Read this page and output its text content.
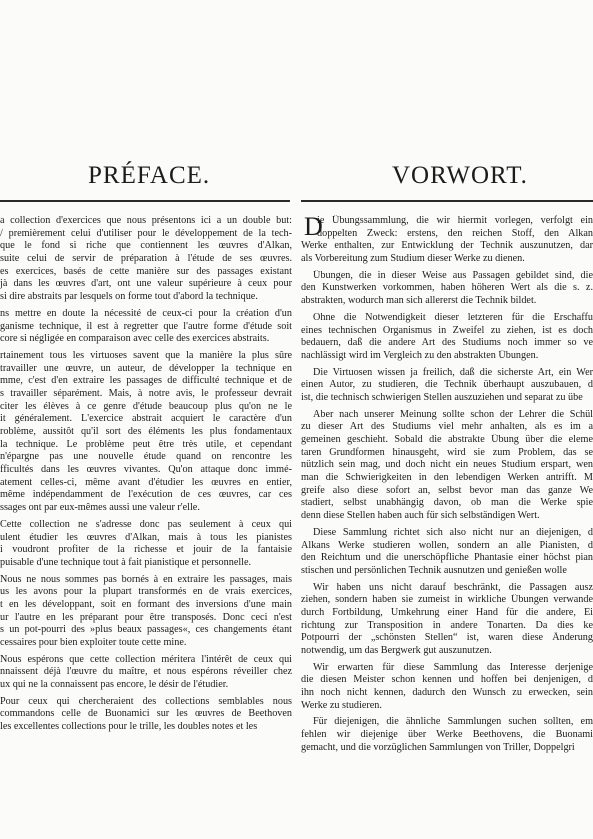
PRÉFACE.	VORWORT.
a collection d'exercices que nous présentons ici a un double but:
/ premièrement celui d'utiliser pour le développement de la tech-
que le fond si riche que contiennent les œuvres d'Alkan,
suite celui de servir de préparation à l'étude de ses œuvres.
es exercices, basés de cette manière sur des passages existant
jà dans les œuvres d'art, ont une valeur supérieure à ceux pour
si dire abstraits par lesquels on forme tout d'abord la technique.
ns mettre en doute la nécessité de ceux-ci pour la création d'un
ganisme technique, il est à regretter que l'autre forme d'étude soit
core si négligée en comparaison avec celle des exercices abstraits.
rtainement tous les virtuoses savent que la manière la plus sûre
travailler une œuvre, un auteur, de développer la technique en
mme, c'est d'en extraire les passages de difficulté technique et de
s travailler séparément. Mais, à notre avis, le professeur devrait
citer les élèves à ce genre d'étude beaucoup plus qu'on ne le
it généralement. L'exercice abstrait acquiert le caractère d'un
roblème, aussitôt qu'il sort des éléments les plus fondamentaux
la technique. Le problème peut être très utile, et cependant
n'épargne pas une nouvelle étude quand on rencontre les
fficultés dans les œuvres vivantes. Qu'on attaque donc immé-
atement celles-ci, même avant d'étudier les œuvres en entier,
même indépendamment de l'exécution de ces œuvres, car ces
ssages ont par eux-mêmes aussi une valeur r'elle.
Cette collection ne s'adresse donc pas seulement à ceux qui
ulent étudier les œuvres d'Alkan, mais à tous les pianistes
i voudront profiter de la richesse et jouir de la fantaisie
puisable d'une technique tout à fait pianistique et personnelle.
Nous ne nous sommes pas bornés à en extraire les passages, mais
us les avons pour la plupart transformés en de vrais exercices,
t en les développant, soit en formant des inversions d'une main
ur l'autre en les préparant pour être transposés. Donc ceci n'est
s un pot-pourri des »plus beaux passages«, ces changements étant
cessaires pour bien exploiter toute cette mine.
Nous espérons que cette collection méritera l'intérêt de ceux qui
nnaissent déjà l'œuvre du maître, et nous espérons réveiller chez
ux qui ne la connaissent pas encore, le désir de l'étudier.
Pour ceux qui chercheraient des collections semblables nous
commandons celle de Buonamici sur les œuvres de Beethoven
les excellentes collections pour le trille, les doubles notes et les
D
ie Übungssammlung, die wir hiermit vorlegen, verfolgt ein
doppelten Zweck: erstens, den reichen Stoff, den Alkan
Werke enthalten, zur Entwicklung der Technik auszunutzen, dar
als Vorbereitung zum Studium dieser Werke zu dienen.
Übungen, die in dieser Weise aus Passagen gebildet sind, die
den Kunstwerken vorkommen, haben höheren Wert als die s. z.
abstrakten, wodurch man sich allererst die Technik bildet.
Ohne die Notwendigkeit dieser letzteren für die Erschaffu
eines technischen Organismus in Zweifel zu ziehen, ist es doch
bedauern, daß die andere Art des Studiums noch immer so ve
nachlässigt wird im Vergleich zu den abstrakten Übungen.
Die Virtuosen wissen ja freilich, daß die sicherste Art, ein Wer
einen Autor, zu studieren, die Technik überhaupt auszubauen, d
ist, die technisch schwierigen Stellen auszuziehen und separat zu übe
Aber nach unserer Meinung sollte schon der Lehrer die Schül
zu dieser Art des Studiums viel mehr anhalten, als es im a
gemeinen geschieht. Sobald die abstrakte Übung über die eleme
taren Grundformen hinausgeht, wird sie zum Problem, das se
nützlich sein mag, und doch nicht ein neues Studium erspart, wen
man die Schwierigkeiten in den lebendigen Werken antrifft. M
greife also diese sofort an, selbst bevor man das ganze We
stadiert, selbst unabhängig davon, ob man die Werke spie
denn diese Stellen haben auch für sich selbständigen Wert.
Diese Sammlung richtet sich also nicht nur an diejenigen, d
Alkans Werke studieren wollen, sondern an alle Pianisten, d
den Reichtum und die unerschöpfliche Phantasie einer höchst pian
stischen und persönlichen Technik ausnutzen und genießen wolle
Wir haben uns nicht darauf beschränkt, die Passagen ausz
ziehen, sondern haben sie zumeist in wirkliche Übungen verwande
durch Fortbildung, Umkehrung einer Hand für die andere, Ei
richtung zur Transposition in andere Tonarten. Da dies ke
Potpourri der „schönsten Stellen“ ist, waren diese Änderung
notwendig, um das Bergwerk gut auszunutzen.
Wir erwarten für diese Sammlung das Interesse derjenige
die diesen Meister schon kennen und hoffen bei denjenigen, d
ihn noch nicht kennen, dadurch den Wunsch zu erwecken, sein
Werke zu studieren.
Für diejenigen, die ähnliche Sammlungen suchen sollten, em
fehlen wir diejenige über Werke Beethovens, die Buonami
gemacht, und die vorzüglichen Sammlungen von Triller, Doppelgri
